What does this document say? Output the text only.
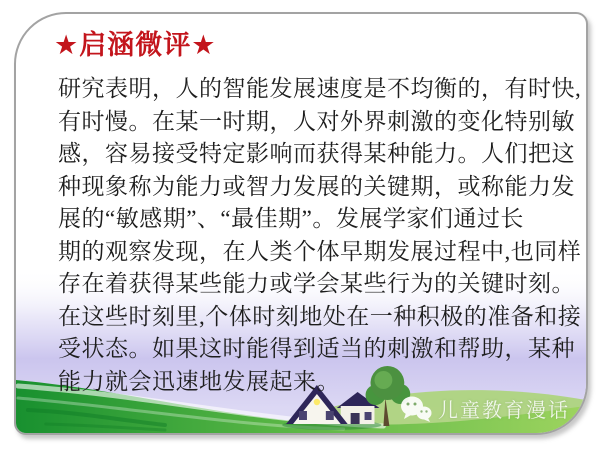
★启涵微评★
研究表明，人的智能发展速度是不均衡的，有时快,
有时慢。在某一时期，人对外界刺激的变化特别敏
感，容易接受特定影响而获得某种能力。人们把这
种现象称为能力或智力发展的关键期，或称能力发
展的“敏感期”、“最佳期”。发展学家们通过长
期的观察发现，在人类个体早期发展过程中,也同样
存在着获得某些能力或学会某些行为的关键时刻。
在这些时刻里,个体时刻地处在一种积极的准备和接
受状态。如果这时能得到适当的刺激和帮助，某种
能力就会迅速地发展起来。
儿童教育漫话
